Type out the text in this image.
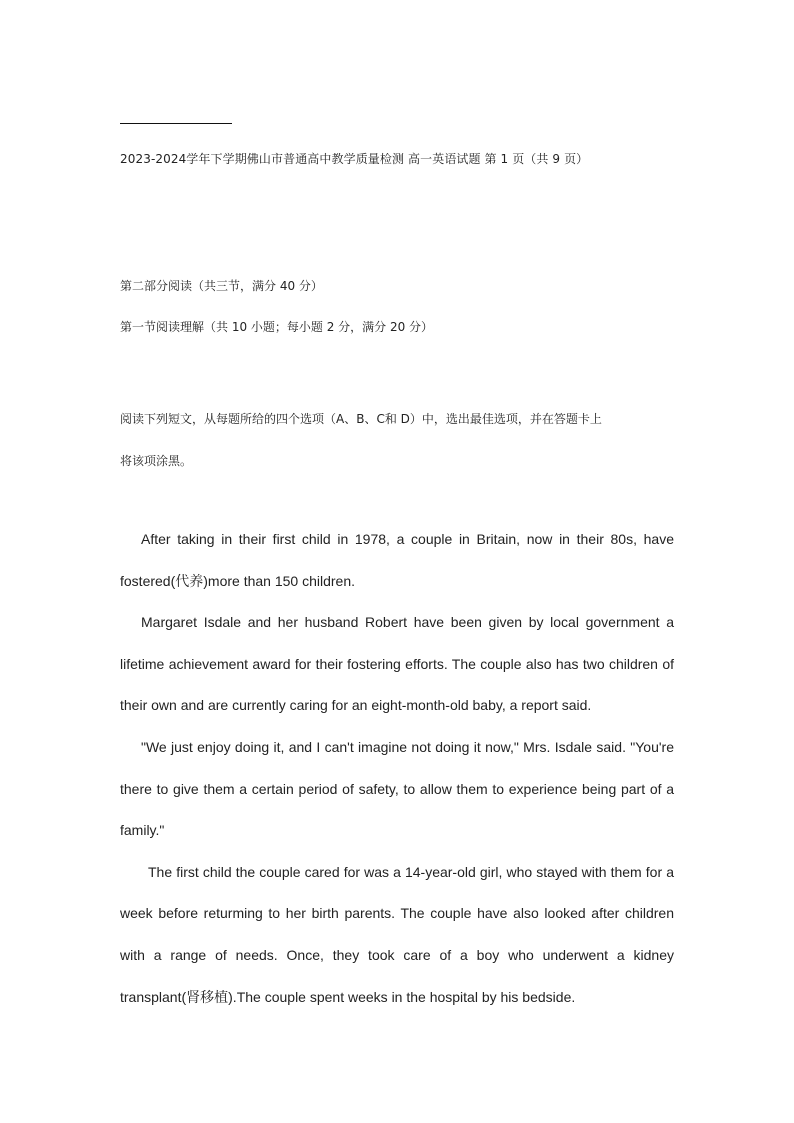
2023-2024学年下学期佛山市普通高中教学质量检测 高一英语试题 第 1 页（共 9 页）
第二部分阅读（共三节，满分 40 分）
第一节阅读理解（共 10 小题；每小题 2 分，满分 20 分）
阅读下列短文，从每题所给的四个选项（A、B、C和 D）中，选出最佳选项，并在答题卡上
将该项涂黑。

After taking in their first child in 1978, a couple in Britain, now in their 80s, have fostered(代养)more than 150 children.

Margaret Isdale and her husband Robert have been given by local government a lifetime achievement award for their fostering efforts. The couple also has two children of their own and are currently caring for an eight-month-old baby, a report said.

"We just enjoy doing it, and I can't imagine not doing it now," Mrs. Isdale said. "You're there to give them a certain period of safety, to allow them to experience being part of a family."

The first child the couple cared for was a 14-year-old girl, who stayed with them for a week before returming to her birth parents. The couple have also looked after children with a range of needs. Once, they took care of a boy who underwent a kidney transplant(肾移植).The couple spent weeks in the hospital by his bedside.
